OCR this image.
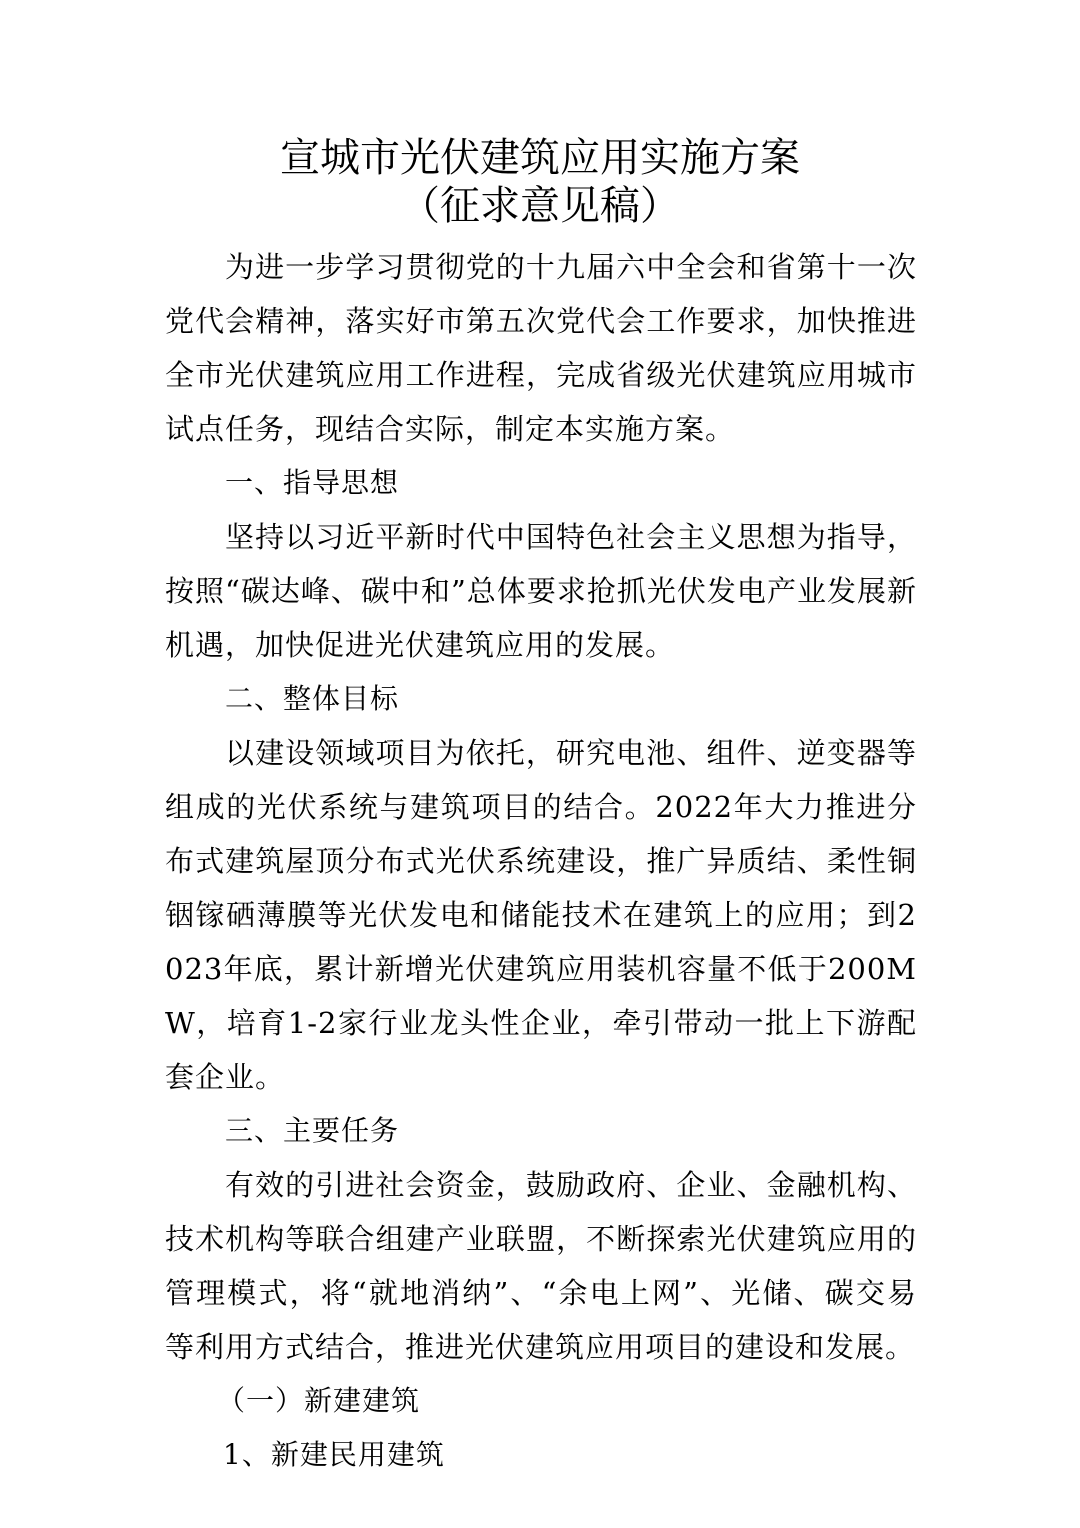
宣城市光伏建筑应用实施方案
（征求意见稿）

为进一步学习贯彻党的十九届六中全会和省第十一次党代会精神，落实好市第五次党代会工作要求，加快推进全市光伏建筑应用工作进程，完成省级光伏建筑应用城市试点任务，现结合实际，制定本实施方案。

一、指导思想

坚持以习近平新时代中国特色社会主义思想为指导，按照“碳达峰、碳中和”总体要求抢抓光伏发电产业发展新机遇，加快促进光伏建筑应用的发展。

二、整体目标

以建设领域项目为依托，研究电池、组件、逆变器等组成的光伏系统与建筑项目的结合。2022年大力推进分布式建筑屋顶分布式光伏系统建设，推广异质结、柔性铜铟镓硒薄膜等光伏发电和储能技术在建筑上的应用；到2023年底，累计新增光伏建筑应用装机容量不低于200MW，培育1-2家行业龙头性企业，牵引带动一批上下游配套企业。

三、主要任务

有效的引进社会资金，鼓励政府、企业、金融机构、技术机构等联合组建产业联盟，不断探索光伏建筑应用的管理模式，将“就地消纳”、“余电上网”、光储、碳交易等利用方式结合，推进光伏建筑应用项目的建设和发展。

（一）新建建筑

1、新建民用建筑
